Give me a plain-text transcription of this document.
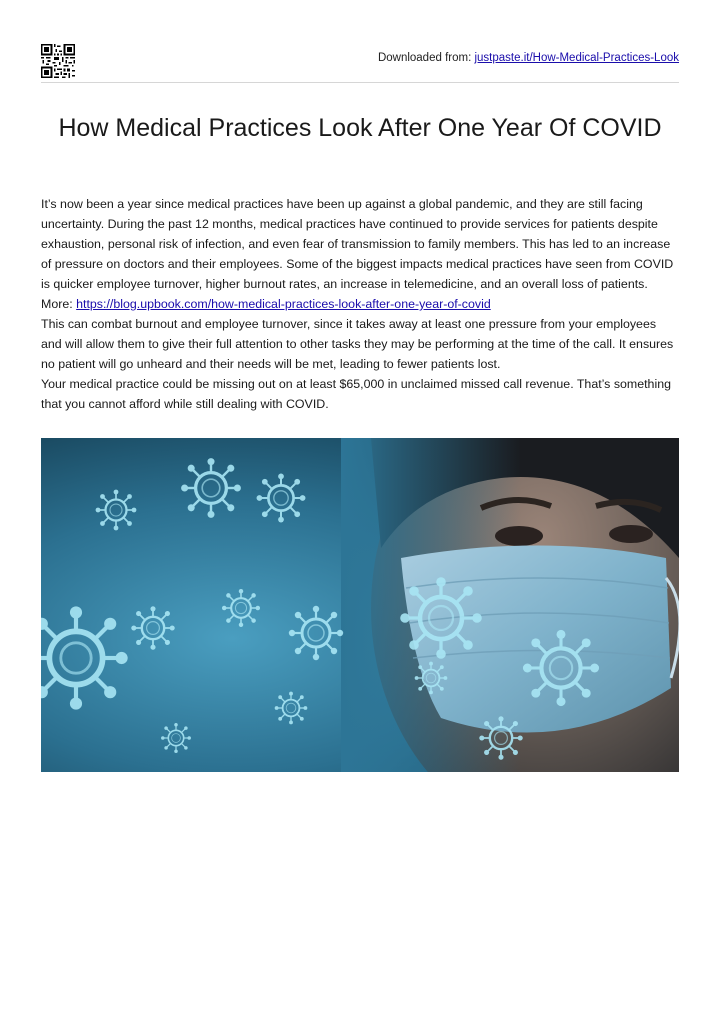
Downloaded from: justpaste.it/How-Medical-Practices-Look
How Medical Practices Look After One Year Of COVID

It’s now been a year since medical practices have been up against a global pandemic, and they are still facing uncertainty. During the past 12 months, medical practices have continued to provide services for patients despite exhaustion, personal risk of infection, and even fear of transmission to family members. This has led to an increase of pressure on doctors and their employees. Some of the biggest impacts medical practices have seen from COVID is quicker employee turnover, higher burnout rates, an increase in telemedicine, and an overall loss of patients.

More: https://blog.upbook.com/how-medical-practices-look-after-one-year-of-covid

This can combat burnout and employee turnover, since it takes away at least one pressure from your employees and will allow them to give their full attention to other tasks they may be performing at the time of the call. It ensures no patient will go unheard and their needs will be met, leading to fewer patients lost.

Your medical practice could be missing out on at least $65,000 in unclaimed missed call revenue. That’s something that you cannot afford while still dealing with COVID.
